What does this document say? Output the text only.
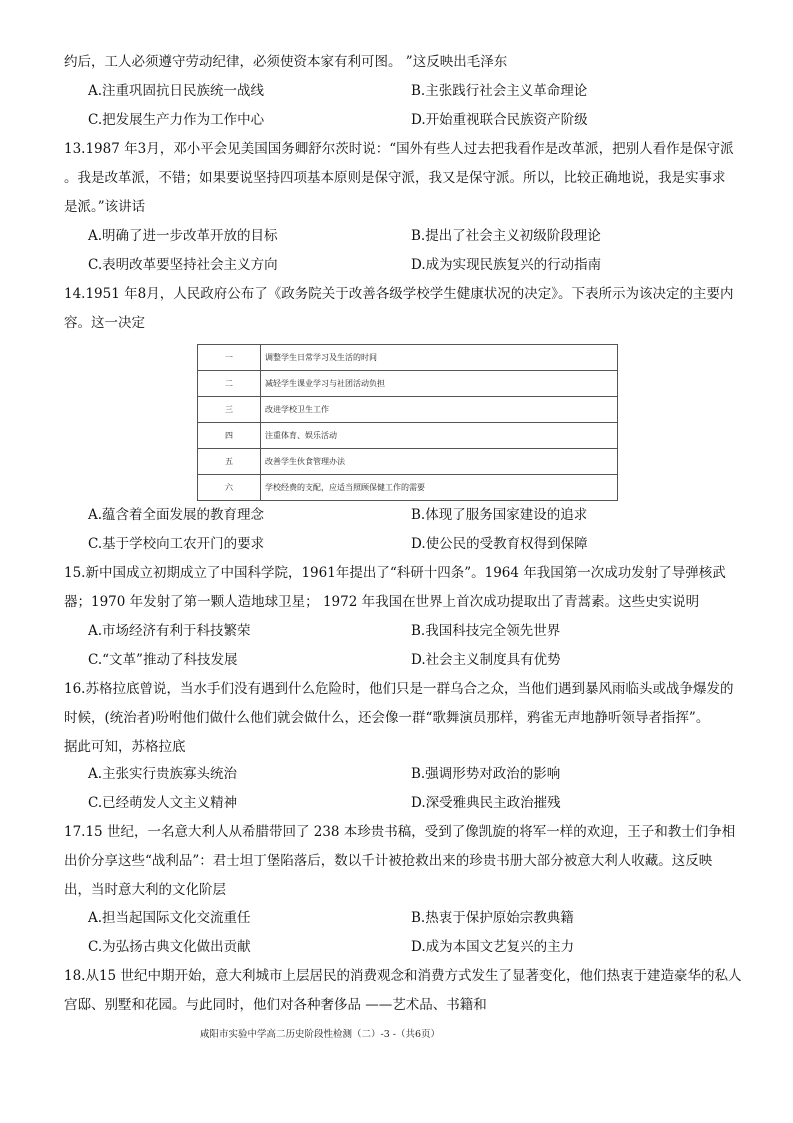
约后，工人必须遵守劳动纪律，必须使资本家有利可图。 ”这反映出毛泽东
A.注重巩固抗日民族统一战线	B.主张践行社会主义革命理论
C.把发展生产力作为工作中心	D.开始重视联合民族资产阶级
13.1987 年3月，邓小平会见美国国务卿舒尔茨时说：“国外有些人过去把我看作是改革派，把别人看作是保守派
。我是改革派，不错；如果要说坚持四项基本原则是保守派，我又是保守派。所以，比较正确地说，我是实事求
是派。”该讲话
A.明确了进一步改革开放的目标	B.提出了社会主义初级阶段理论
C.表明改革要坚持社会主义方向	D.成为实现民族复兴的行动指南
14.1951 年8月，人民政府公布了《政务院关于改善各级学校学生健康状况的决定》。下表所示为该决定的主要内
容。这一决定
一	调整学生日常学习及生活的时间
二	减轻学生课业学习与社团活动负担
三	改进学校卫生工作
四	注重体育、娱乐活动
五	改善学生伙食管理办法
六	学校经费的支配，应适当照顾保健工作的需要
A.蕴含着全面发展的教育理念	B.体现了服务国家建设的追求
C.基于学校向工农开门的要求	D.使公民的受教育权得到保障
15.新中国成立初期成立了中国科学院，1961年提出了“科研十四条”。1964 年我国第一次成功发射了导弹核武
器；1970 年发射了第一颗人造地球卫星； 1972 年我国在世界上首次成功提取出了青蒿素。这些史实说明
A.市场经济有利于科技繁荣	B.我国科技完全领先世界
C.“文革”推动了科技发展	D.社会主义制度具有优势
16.苏格拉底曾说，当水手们没有遇到什么危险时，他们只是一群乌合之众，当他们遇到暴风雨临头或战争爆发的
时候，(统治者)吩咐他们做什么他们就会做什么，还会像一群“歌舞演员那样，鸦雀无声地静听领导者指挥”。
据此可知，苏格拉底
A.主张实行贵族寡头统治	B.强调形势对政治的影响
C.已经萌发人文主义精神	D.深受雅典民主政治摧残
17.15 世纪，一名意大利人从希腊带回了 238 本珍贵书稿，受到了像凯旋的将军一样的欢迎，王子和教士们争相
出价分享这些“战利品”：君士坦丁堡陷落后，数以千计被抢救出来的珍贵书册大部分被意大利人收藏。这反映
出，当时意大利的文化阶层
A.担当起国际文化交流重任	B.热衷于保护原始宗教典籍
C.为弘扬古典文化做出贡献	D.成为本国文艺复兴的主力
18.从15 世纪中期开始，意大利城市上层居民的消费观念和消费方式发生了显著变化，他们热衷于建造豪华的私人
宫邸、别墅和花园。与此同时，他们对各种奢侈品 ——艺术品、书籍和
咸阳市实验中学高二历史阶段性检测（二）-3 -（共6页）
